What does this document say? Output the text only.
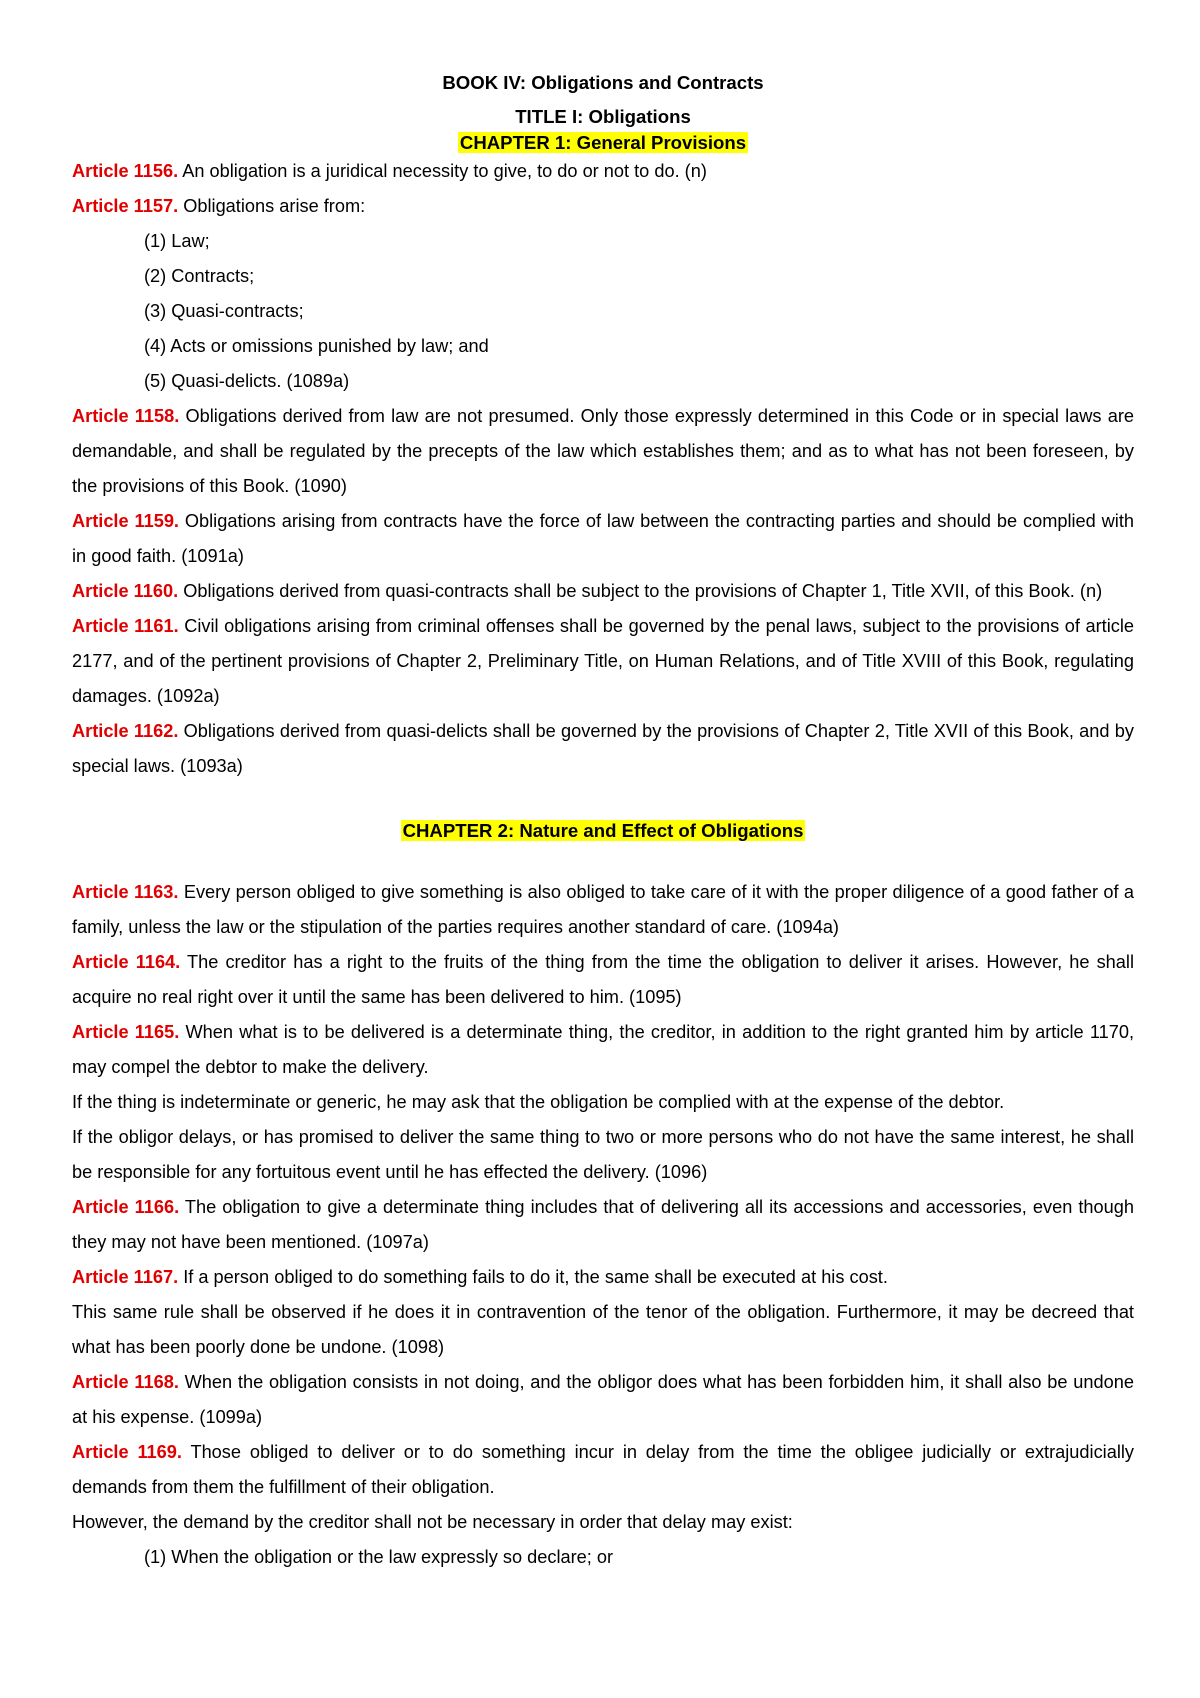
BOOK IV: Obligations and Contracts
TITLE I: Obligations
CHAPTER 1: General Provisions

Article 1156. An obligation is a juridical necessity to give, to do or not to do. (n)

Article 1157. Obligations arise from:

(1) Law;

(2) Contracts;

(3) Quasi-contracts;

(4) Acts or omissions punished by law; and

(5) Quasi-delicts. (1089a)

Article 1158. Obligations derived from law are not presumed. Only those expressly determined in this Code or in special laws are demandable, and shall be regulated by the precepts of the law which establishes them; and as to what has not been foreseen, by the provisions of this Book. (1090)

Article 1159. Obligations arising from contracts have the force of law between the contracting parties and should be complied with in good faith. (1091a)

Article 1160. Obligations derived from quasi-contracts shall be subject to the provisions of Chapter 1, Title XVII, of this Book. (n)

Article 1161. Civil obligations arising from criminal offenses shall be governed by the penal laws, subject to the provisions of article 2177, and of the pertinent provisions of Chapter 2, Preliminary Title, on Human Relations, and of Title XVIII of this Book, regulating damages. (1092a)

Article 1162. Obligations derived from quasi-delicts shall be governed by the provisions of Chapter 2, Title XVII of this Book, and by special laws. (1093a)

CHAPTER 2: Nature and Effect of Obligations

Article 1163. Every person obliged to give something is also obliged to take care of it with the proper diligence of a good father of a family, unless the law or the stipulation of the parties requires another standard of care. (1094a)

Article 1164. The creditor has a right to the fruits of the thing from the time the obligation to deliver it arises. However, he shall acquire no real right over it until the same has been delivered to him. (1095)

Article 1165. When what is to be delivered is a determinate thing, the creditor, in addition to the right granted him by article 1170, may compel the debtor to make the delivery.

If the thing is indeterminate or generic, he may ask that the obligation be complied with at the expense of the debtor.

If the obligor delays, or has promised to deliver the same thing to two or more persons who do not have the same interest, he shall be responsible for any fortuitous event until he has effected the delivery. (1096)

Article 1166. The obligation to give a determinate thing includes that of delivering all its accessions and accessories, even though they may not have been mentioned. (1097a)

Article 1167. If a person obliged to do something fails to do it, the same shall be executed at his cost.

This same rule shall be observed if he does it in contravention of the tenor of the obligation. Furthermore, it may be decreed that what has been poorly done be undone. (1098)

Article 1168. When the obligation consists in not doing, and the obligor does what has been forbidden him, it shall also be undone at his expense. (1099a)

Article 1169. Those obliged to deliver or to do something incur in delay from the time the obligee judicially or extrajudicially demands from them the fulfillment of their obligation.

However, the demand by the creditor shall not be necessary in order that delay may exist:

(1) When the obligation or the law expressly so declare; or
